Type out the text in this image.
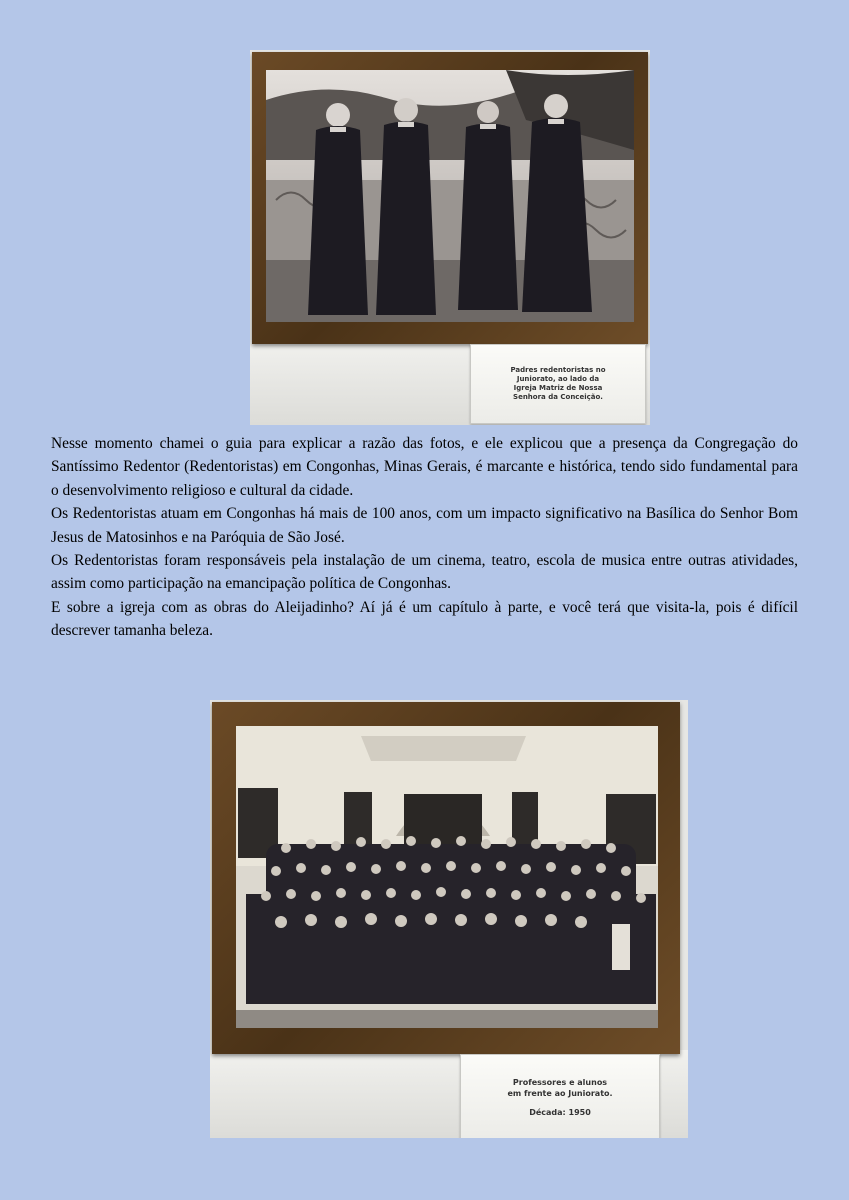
Padres redentoristas no
Juniorato, ao lado da
Igreja Matriz de Nossa
Senhora da Conceição.

Nesse momento chamei o guia para explicar a razão das fotos, e ele explicou que a presença da Congregação do Santíssimo Redentor (Redentoristas) em Congonhas, Minas Gerais, é marcante e histórica, tendo sido fundamental para o desenvolvimento religioso e cultural da cidade.

Os Redentoristas atuam em Congonhas há mais de 100 anos, com um impacto significativo na Basílica do Senhor Bom Jesus de Matosinhos e na Paróquia de São José.

Os Redentoristas foram responsáveis pela instalação de um cinema, teatro, escola de musica entre outras atividades, assim como participação na emancipação política de Congonhas.

E sobre a igreja com as obras do Aleijadinho? Aí já é um capítulo à parte, e você terá que visita-la, pois é difícil descrever tamanha beleza.

Professores e alunos
em frente ao Juniorato.
Década: 1950
